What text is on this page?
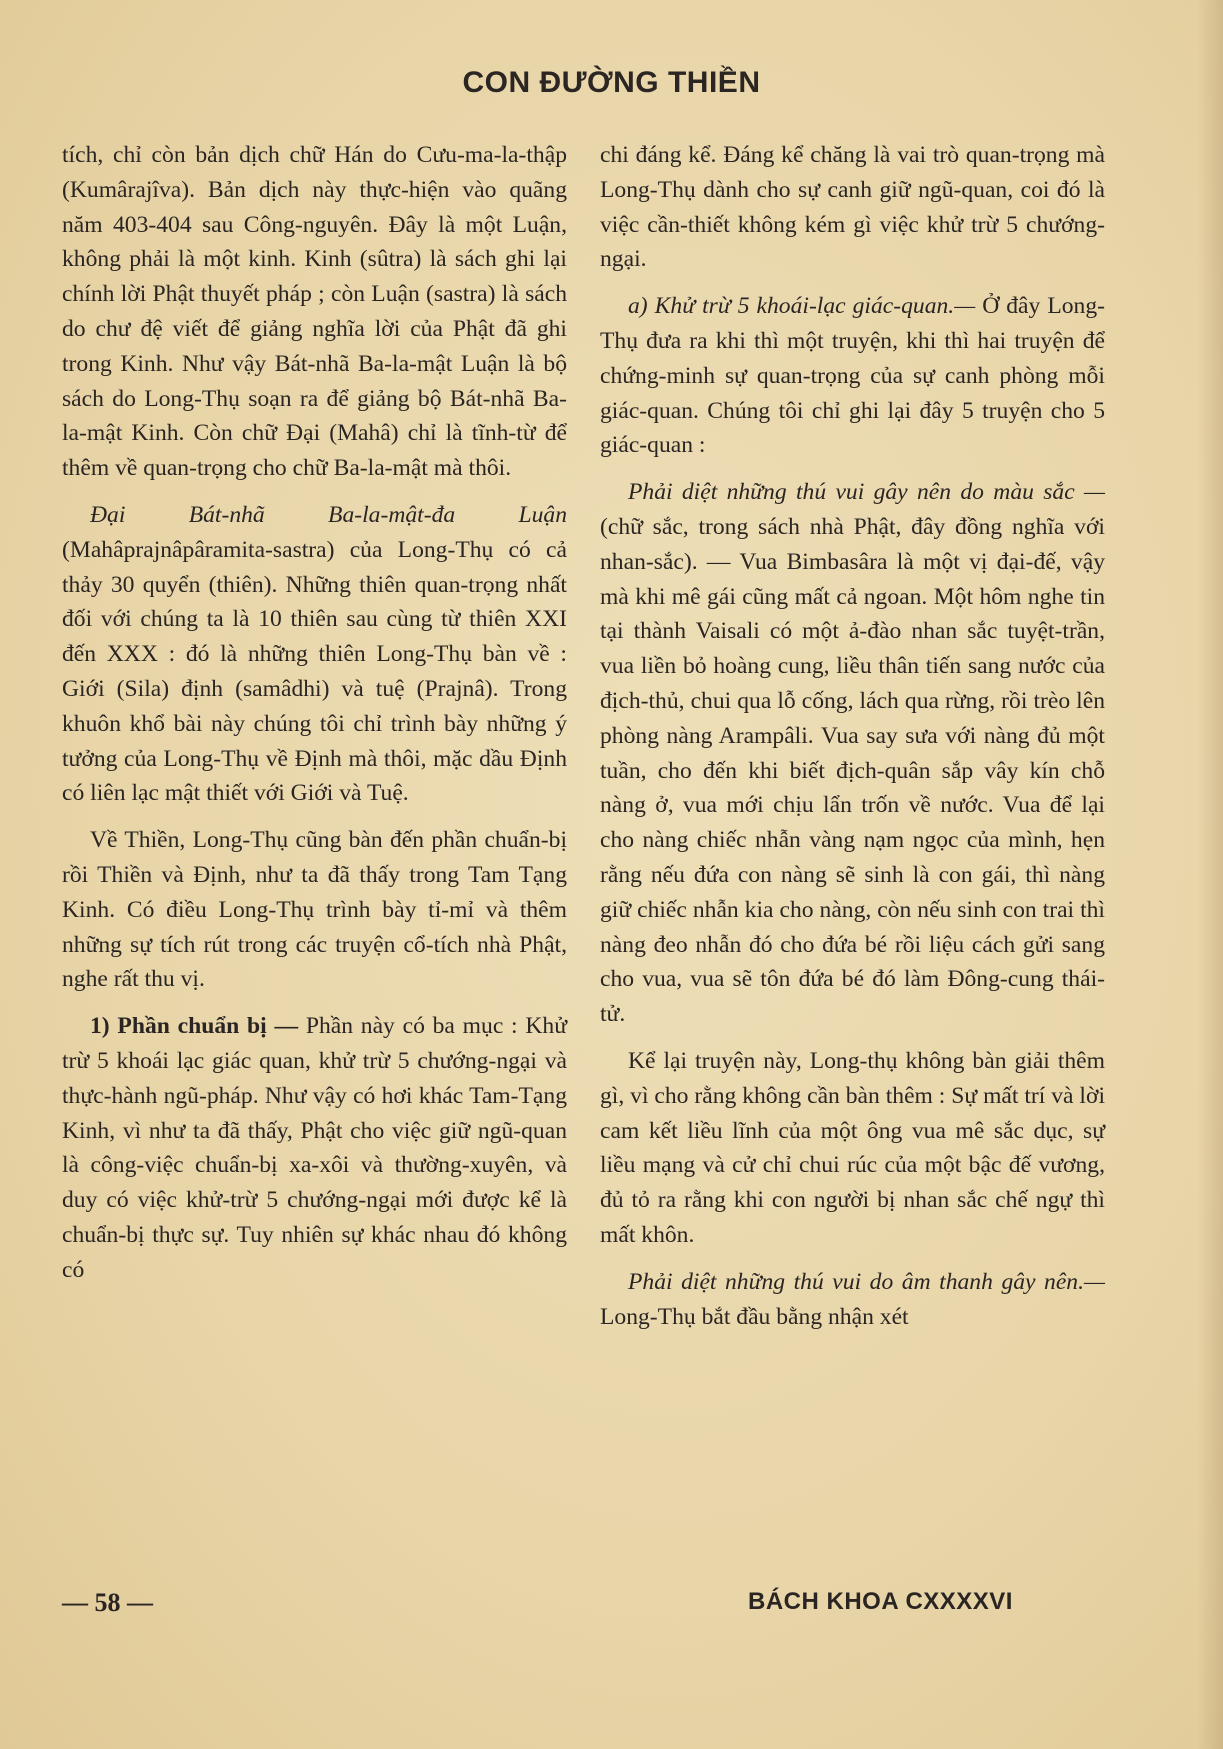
CON ĐƯỜNG THIỀN

tích, chỉ còn bản dịch chữ Hán do Cưu-ma-la-thập (Kumârajîva). Bản dịch này thực-hiện vào quãng năm 403-404 sau Công-nguyên. Đây là một Luận, không phải là một kinh. Kinh (sûtra) là sách ghi lại chính lời Phật thuyết pháp ; còn Luận (sastra) là sách do chư đệ viết để giảng nghĩa lời của Phật đã ghi trong Kinh. Như vậy Bát-nhã Ba-la-mật Luận là bộ sách do Long-Thụ soạn ra để giảng bộ Bát-nhã Ba-la-mật Kinh. Còn chữ Đại (Mahâ) chỉ là tĩnh-từ để thêm về quan-trọng cho chữ Ba-la-mật mà thôi.

Đại Bát-nhã Ba-la-mật-đa Luận (Mahâprajnâpâramita-sastra) của Long-Thụ có cả thảy 30 quyển (thiên). Những thiên quan-trọng nhất đối với chúng ta là 10 thiên sau cùng từ thiên XXI đến XXX : đó là những thiên Long-Thụ bàn về : Giới (Sila) định (samâdhi) và tuệ (Prajnâ). Trong khuôn khổ bài này chúng tôi chỉ trình bày những ý tưởng của Long-Thụ về Định mà thôi, mặc dầu Định có liên lạc mật thiết với Giới và Tuệ.

Về Thiền, Long-Thụ cũng bàn đến phần chuẩn-bị rồi Thiền và Định, như ta đã thấy trong Tam Tạng Kinh. Có điều Long-Thụ trình bày tỉ-mỉ và thêm những sự tích rút trong các truyện cổ-tích nhà Phật, nghe rất thu vị.

1) Phần chuẩn bị — Phần này có ba mục : Khử trừ 5 khoái lạc giác quan, khử trừ 5 chướng-ngại và thực-hành ngũ-pháp. Như vậy có hơi khác Tam-Tạng Kinh, vì như ta đã thấy, Phật cho việc giữ ngũ-quan là công-việc chuẩn-bị xa-xôi và thường-xuyên, và duy có việc khử-trừ 5 chướng-ngại mới được kể là chuẩn-bị thực sự. Tuy nhiên sự khác nhau đó không có

chi đáng kể. Đáng kể chăng là vai trò quan-trọng mà Long-Thụ dành cho sự canh giữ ngũ-quan, coi đó là việc cần-thiết không kém gì việc khử trừ 5 chướng-ngại.

a) Khử trừ 5 khoái-lạc giác-quan.— Ở đây Long-Thụ đưa ra khi thì một truyện, khi thì hai truyện để chứng-minh sự quan-trọng của sự canh phòng mỗi giác-quan. Chúng tôi chỉ ghi lại đây 5 truyện cho 5 giác-quan :

Phải diệt những thú vui gây nên do màu sắc — (chữ sắc, trong sách nhà Phật, đây đồng nghĩa với nhan-sắc). — Vua Bimbasâra là một vị đại-đế, vậy mà khi mê gái cũng mất cả ngoan. Một hôm nghe tin tại thành Vaisali có một ả-đào nhan sắc tuyệt-trần, vua liền bỏ hoàng cung, liều thân tiến sang nước của địch-thủ, chui qua lỗ cống, lách qua rừng, rồi trèo lên phòng nàng Arampâli. Vua say sưa với nàng đủ một tuần, cho đến khi biết địch-quân sắp vây kín chỗ nàng ở, vua mới chịu lẩn trốn về nước. Vua để lại cho nàng chiếc nhẫn vàng nạm ngọc của mình, hẹn rằng nếu đứa con nàng sẽ sinh là con gái, thì nàng giữ chiếc nhẫn kia cho nàng, còn nếu sinh con trai thì nàng đeo nhẫn đó cho đứa bé rồi liệu cách gửi sang cho vua, vua sẽ tôn đứa bé đó làm Đông-cung thái-tử.

Kể lại truyện này, Long-thụ không bàn giải thêm gì, vì cho rằng không cần bàn thêm : Sự mất trí và lời cam kết liều lĩnh của một ông vua mê sắc dục, sự liều mạng và cử chỉ chui rúc của một bậc đế vương, đủ tỏ ra rằng khi con người bị nhan sắc chế ngự thì mất khôn.

Phải diệt những thú vui do âm thanh gây nên.— Long-Thụ bắt đầu bằng nhận xét

— 58 —	BÁCH KHOA CXXXXVI
